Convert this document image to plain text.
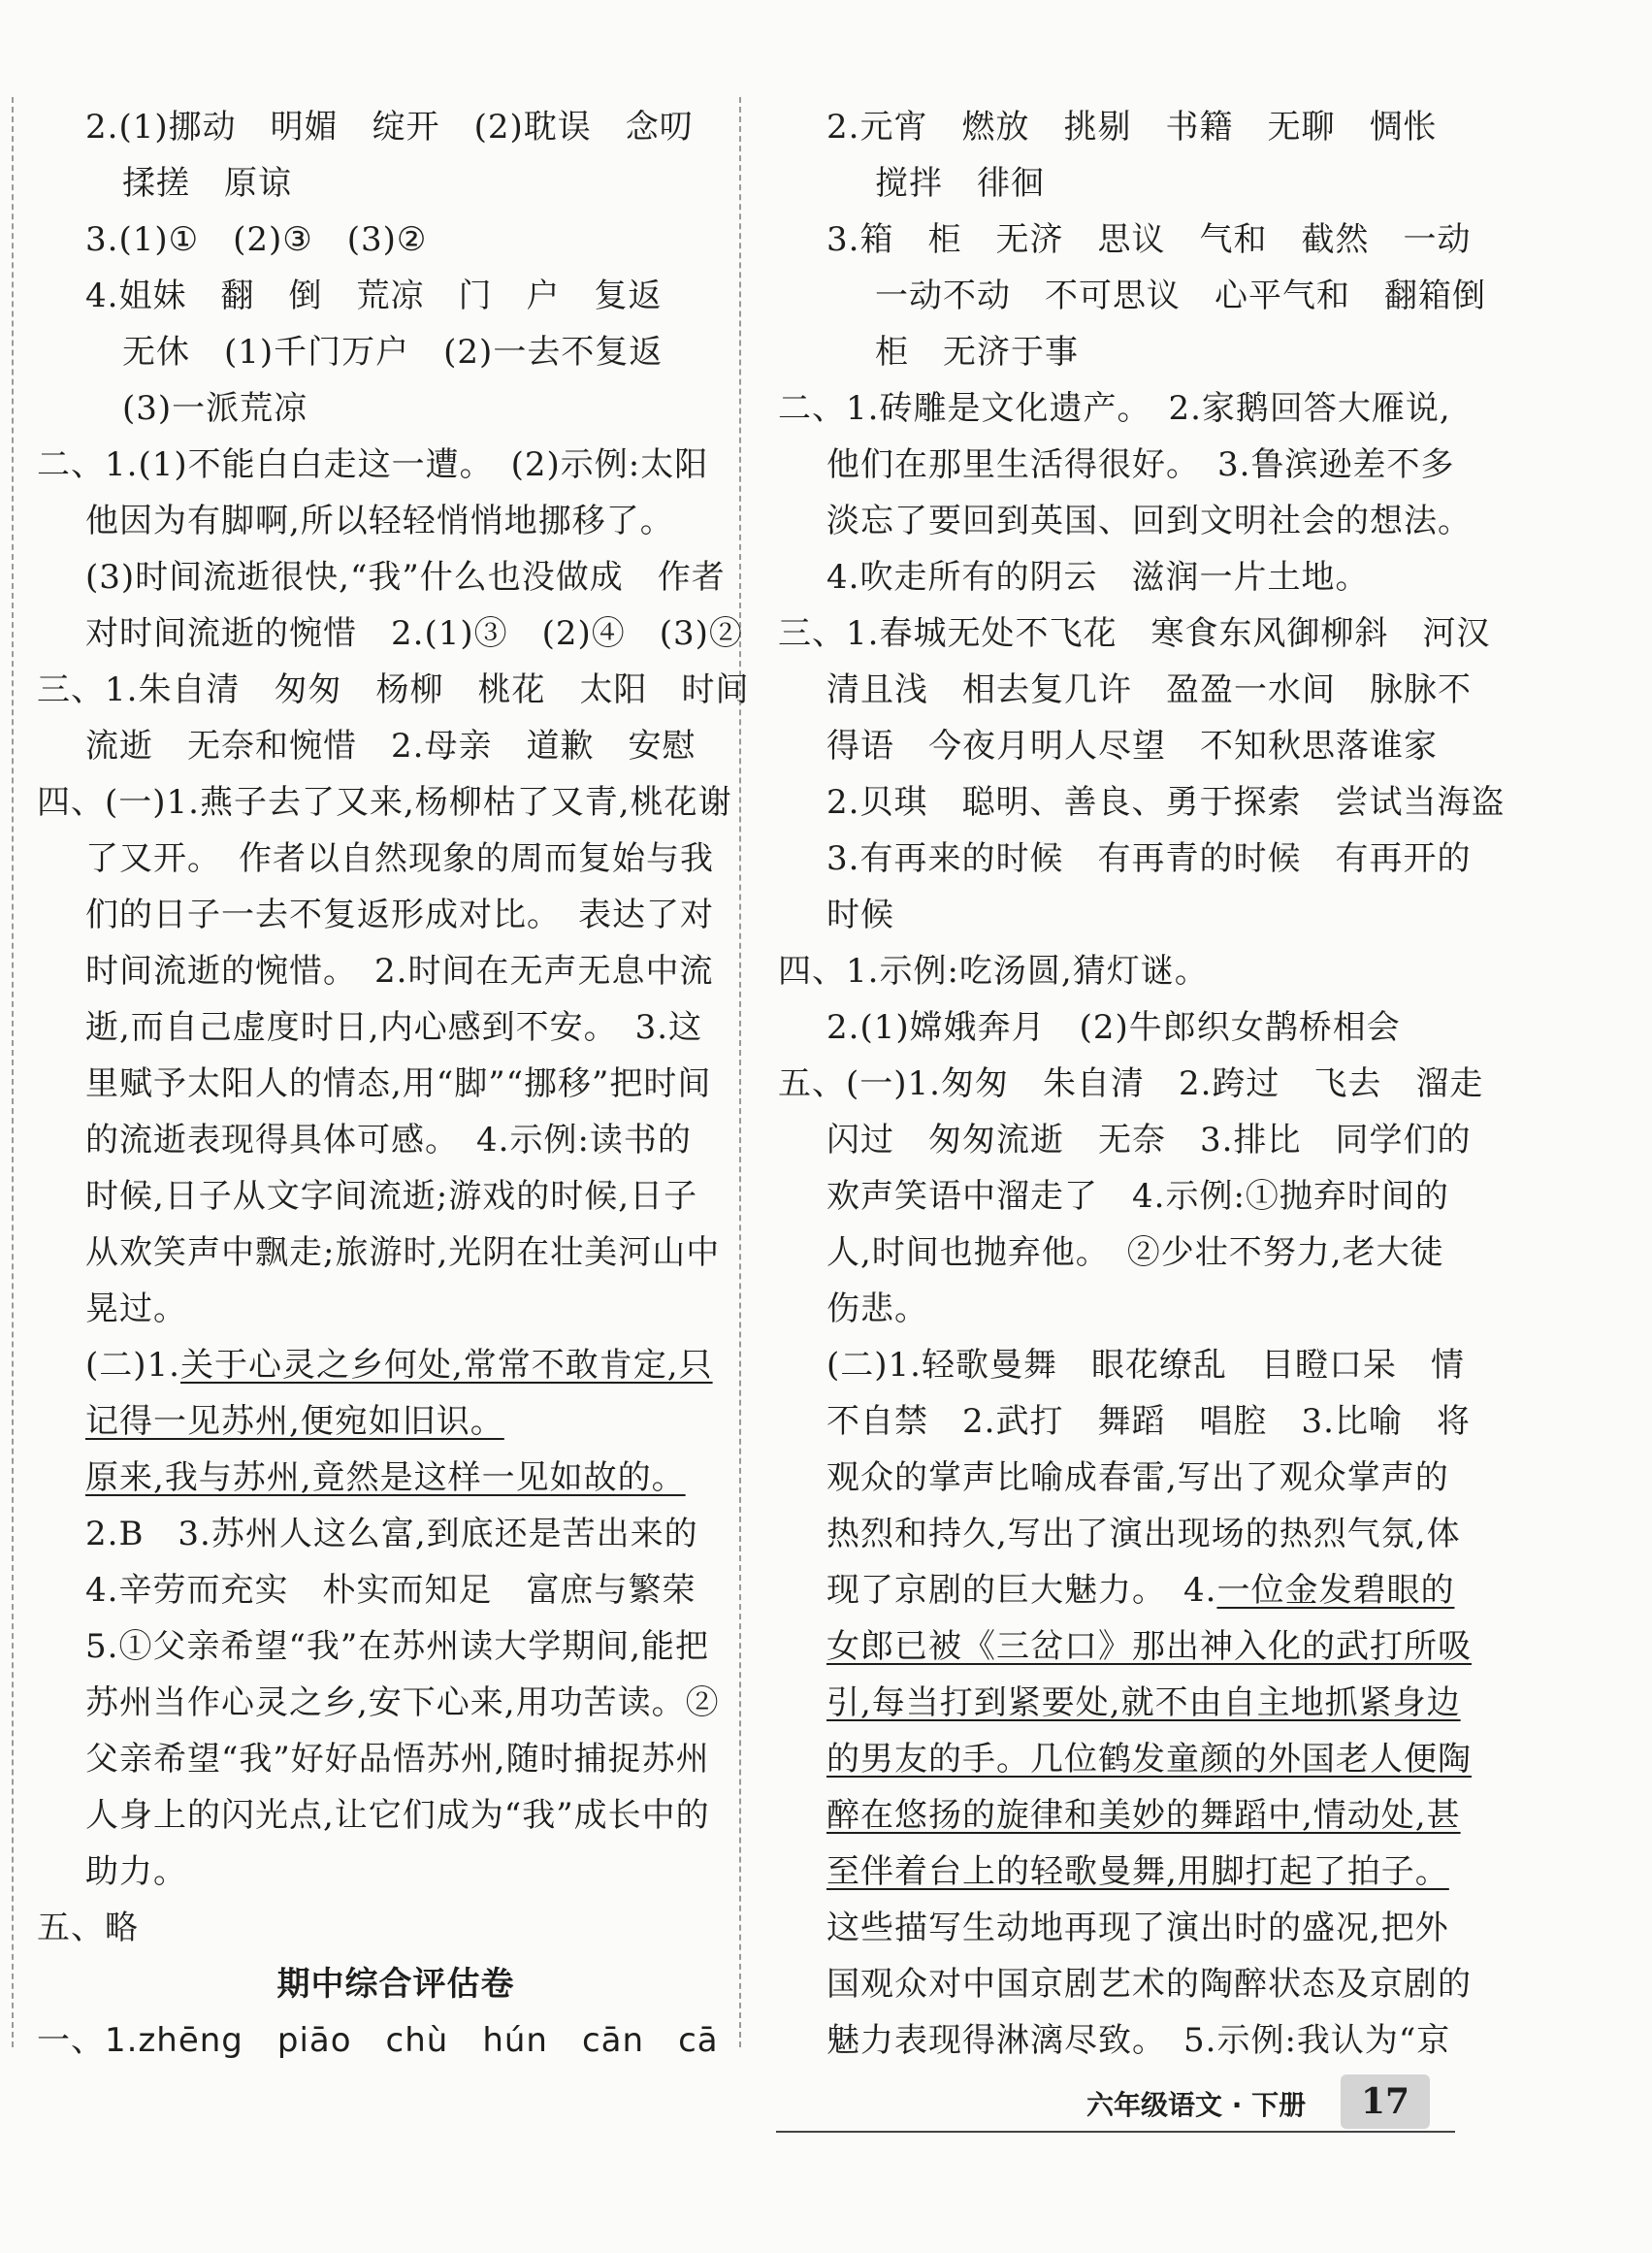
2.(1)挪动　明媚　绽开　(2)耽误　念叨
揉搓　原谅
3.(1)①　(2)③　(3)②
4.姐妹　翻　倒　荒凉　门　户　复返
无休　(1)千门万户　(2)一去不复返
(3)一派荒凉
二、1.(1)不能白白走这一遭。　(2)示例:太阳
他因为有脚啊,所以轻轻悄悄地挪移了。
(3)时间流逝很快,“我”什么也没做成　作者
对时间流逝的惋惜　2.(1)③　(2)④　(3)②
三、1.朱自清　匆匆　杨柳　桃花　太阳　时间
流逝　无奈和惋惜　2.母亲　道歉　安慰
四、(一)1.燕子去了又来,杨柳枯了又青,桃花谢
了又开。　作者以自然现象的周而复始与我
们的日子一去不复返形成对比。　表达了对
时间流逝的惋惜。　2.时间在无声无息中流
逝,而自己虚度时日,内心感到不安。　3.这
里赋予太阳人的情态,用“脚”“挪移”把时间
的流逝表现得具体可感。　4.示例:读书的
时候,日子从文字间流逝;游戏的时候,日子
从欢笑声中飘走;旅游时,光阴在壮美河山中
晃过。
(二)1.关于心灵之乡何处,常常不敢肯定,只
记得一见苏州,便宛如旧识。
原来,我与苏州,竟然是这样一见如故的。
2.B　3.苏州人这么富,到底还是苦出来的
4.辛劳而充实　朴实而知足　富庶与繁荣
5.①父亲希望“我”在苏州读大学期间,能把
苏州当作心灵之乡,安下心来,用功苦读。②
父亲希望“我”好好品悟苏州,随时捕捉苏州
人身上的闪光点,让它们成为“我”成长中的
助力。
五、略
期中综合评估卷
一、1.zhēng　piāo　chù　hún　cān　cā
2.元宵　燃放　挑剔　书籍　无聊　惆怅
搅拌　徘徊
3.箱　柜　无济　思议　气和　截然　一动
一动不动　不可思议　心平气和　翻箱倒
柜　无济于事
二、1.砖雕是文化遗产。　2.家鹅回答大雁说,
他们在那里生活得很好。　3.鲁滨逊差不多
淡忘了要回到英国、回到文明社会的想法。
4.吹走所有的阴云　滋润一片土地。
三、1.春城无处不飞花　寒食东风御柳斜　河汉
清且浅　相去复几许　盈盈一水间　脉脉不
得语　今夜月明人尽望　不知秋思落谁家
2.贝琪　聪明、善良、勇于探索　尝试当海盗
3.有再来的时候　有再青的时候　有再开的
时候
四、1.示例:吃汤圆,猜灯谜。
2.(1)嫦娥奔月　(2)牛郎织女鹊桥相会
五、(一)1.匆匆　朱自清　2.跨过　飞去　溜走
闪过　匆匆流逝　无奈　3.排比　同学们的
欢声笑语中溜走了　4.示例:①抛弃时间的
人,时间也抛弃他。　②少壮不努力,老大徒
伤悲。
(二)1.轻歌曼舞　眼花缭乱　目瞪口呆　情
不自禁　2.武打　舞蹈　唱腔　3.比喻　将
观众的掌声比喻成春雷,写出了观众掌声的
热烈和持久,写出了演出现场的热烈气氛,体
现了京剧的巨大魅力。　4.一位金发碧眼的
女郎已被《三岔口》那出神入化的武打所吸
引,每当打到紧要处,就不由自主地抓紧身边
的男友的手。几位鹤发童颜的外国老人便陶
醉在悠扬的旋律和美妙的舞蹈中,情动处,甚
至伴着台上的轻歌曼舞,用脚打起了拍子。
这些描写生动地再现了演出时的盛况,把外
国观众对中国京剧艺术的陶醉状态及京剧的
魅力表现得淋漓尽致。　5.示例:我认为“京
六年级语文 · 下册	17
